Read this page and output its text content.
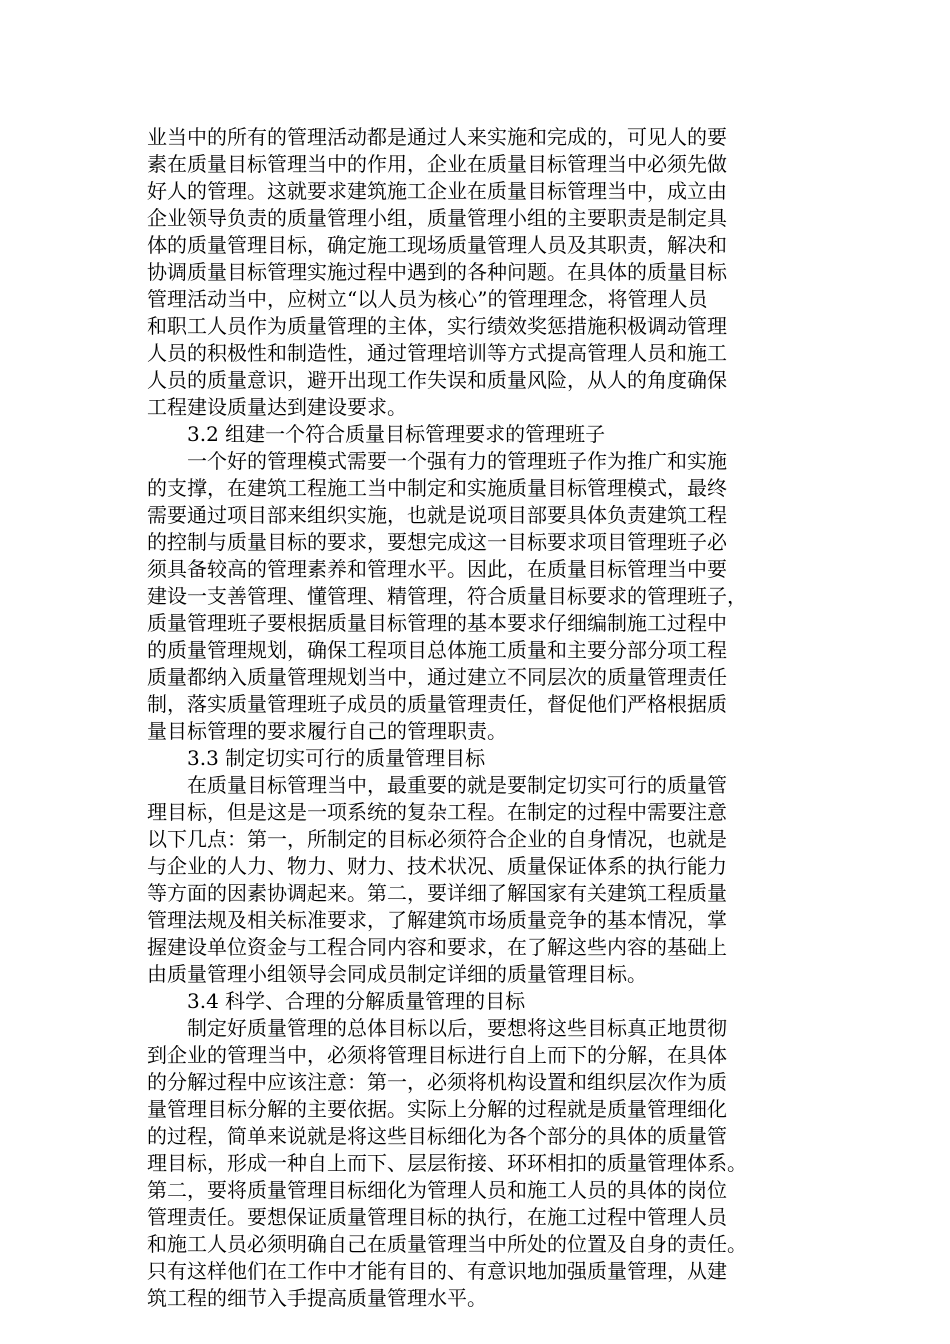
业当中的所有的管理活动都是通过人来实施和完成的，可见人的要
素在质量目标管理当中的作用，企业在质量目标管理当中必须先做
好人的管理。这就要求建筑施工企业在质量目标管理当中，成立由
企业领导负责的质量管理小组，质量管理小组的主要职责是制定具
体的质量管理目标，确定施工现场质量管理人员及其职责，解决和
协调质量目标管理实施过程中遇到的各种问题。在具体的质量目标
管理活动当中，应树立“以人员为核心”的管理理念，将管理人员
和职工人员作为质量管理的主体，实行绩效奖惩措施积极调动管理
人员的积极性和制造性，通过管理培训等方式提高管理人员和施工
人员的质量意识，避开出现工作失误和质量风险，从人的角度确保
工程建设质量达到建设要求。
3.2 组建一个符合质量目标管理要求的管理班子
一个好的管理模式需要一个强有力的管理班子作为推广和实施
的支撑，在建筑工程施工当中制定和实施质量目标管理模式，最终
需要通过项目部来组织实施，也就是说项目部要具体负责建筑工程
的控制与质量目标的要求，要想完成这一目标要求项目管理班子必
须具备较高的管理素养和管理水平。因此，在质量目标管理当中要
建设一支善管理、懂管理、精管理，符合质量目标要求的管理班子，
质量管理班子要根据质量目标管理的基本要求仔细编制施工过程中
的质量管理规划，确保工程项目总体施工质量和主要分部分项工程
质量都纳入质量管理规划当中，通过建立不同层次的质量管理责任
制，落实质量管理班子成员的质量管理责任，督促他们严格根据质
量目标管理的要求履行自己的管理职责。
3.3 制定切实可行的质量管理目标
在质量目标管理当中，最重要的就是要制定切实可行的质量管
理目标，但是这是一项系统的复杂工程。在制定的过程中需要注意
以下几点：第一，所制定的目标必须符合企业的自身情况，也就是
与企业的人力、物力、财力、技术状况、质量保证体系的执行能力
等方面的因素协调起来。第二，要详细了解国家有关建筑工程质量
管理法规及相关标准要求，了解建筑市场质量竞争的基本情况，掌
握建设单位资金与工程合同内容和要求，在了解这些内容的基础上
由质量管理小组领导会同成员制定详细的质量管理目标。
3.4 科学、合理的分解质量管理的目标
制定好质量管理的总体目标以后，要想将这些目标真正地贯彻
到企业的管理当中，必须将管理目标进行自上而下的分解，在具体
的分解过程中应该注意：第一，必须将机构设置和组织层次作为质
量管理目标分解的主要依据。实际上分解的过程就是质量管理细化
的过程，简单来说就是将这些目标细化为各个部分的具体的质量管
理目标，形成一种自上而下、层层衔接、环环相扣的质量管理体系。
第二，要将质量管理目标细化为管理人员和施工人员的具体的岗位
管理责任。要想保证质量管理目标的执行，在施工过程中管理人员
和施工人员必须明确自己在质量管理当中所处的位置及自身的责任。
只有这样他们在工作中才能有目的、有意识地加强质量管理，从建
筑工程的细节入手提高质量管理水平。
